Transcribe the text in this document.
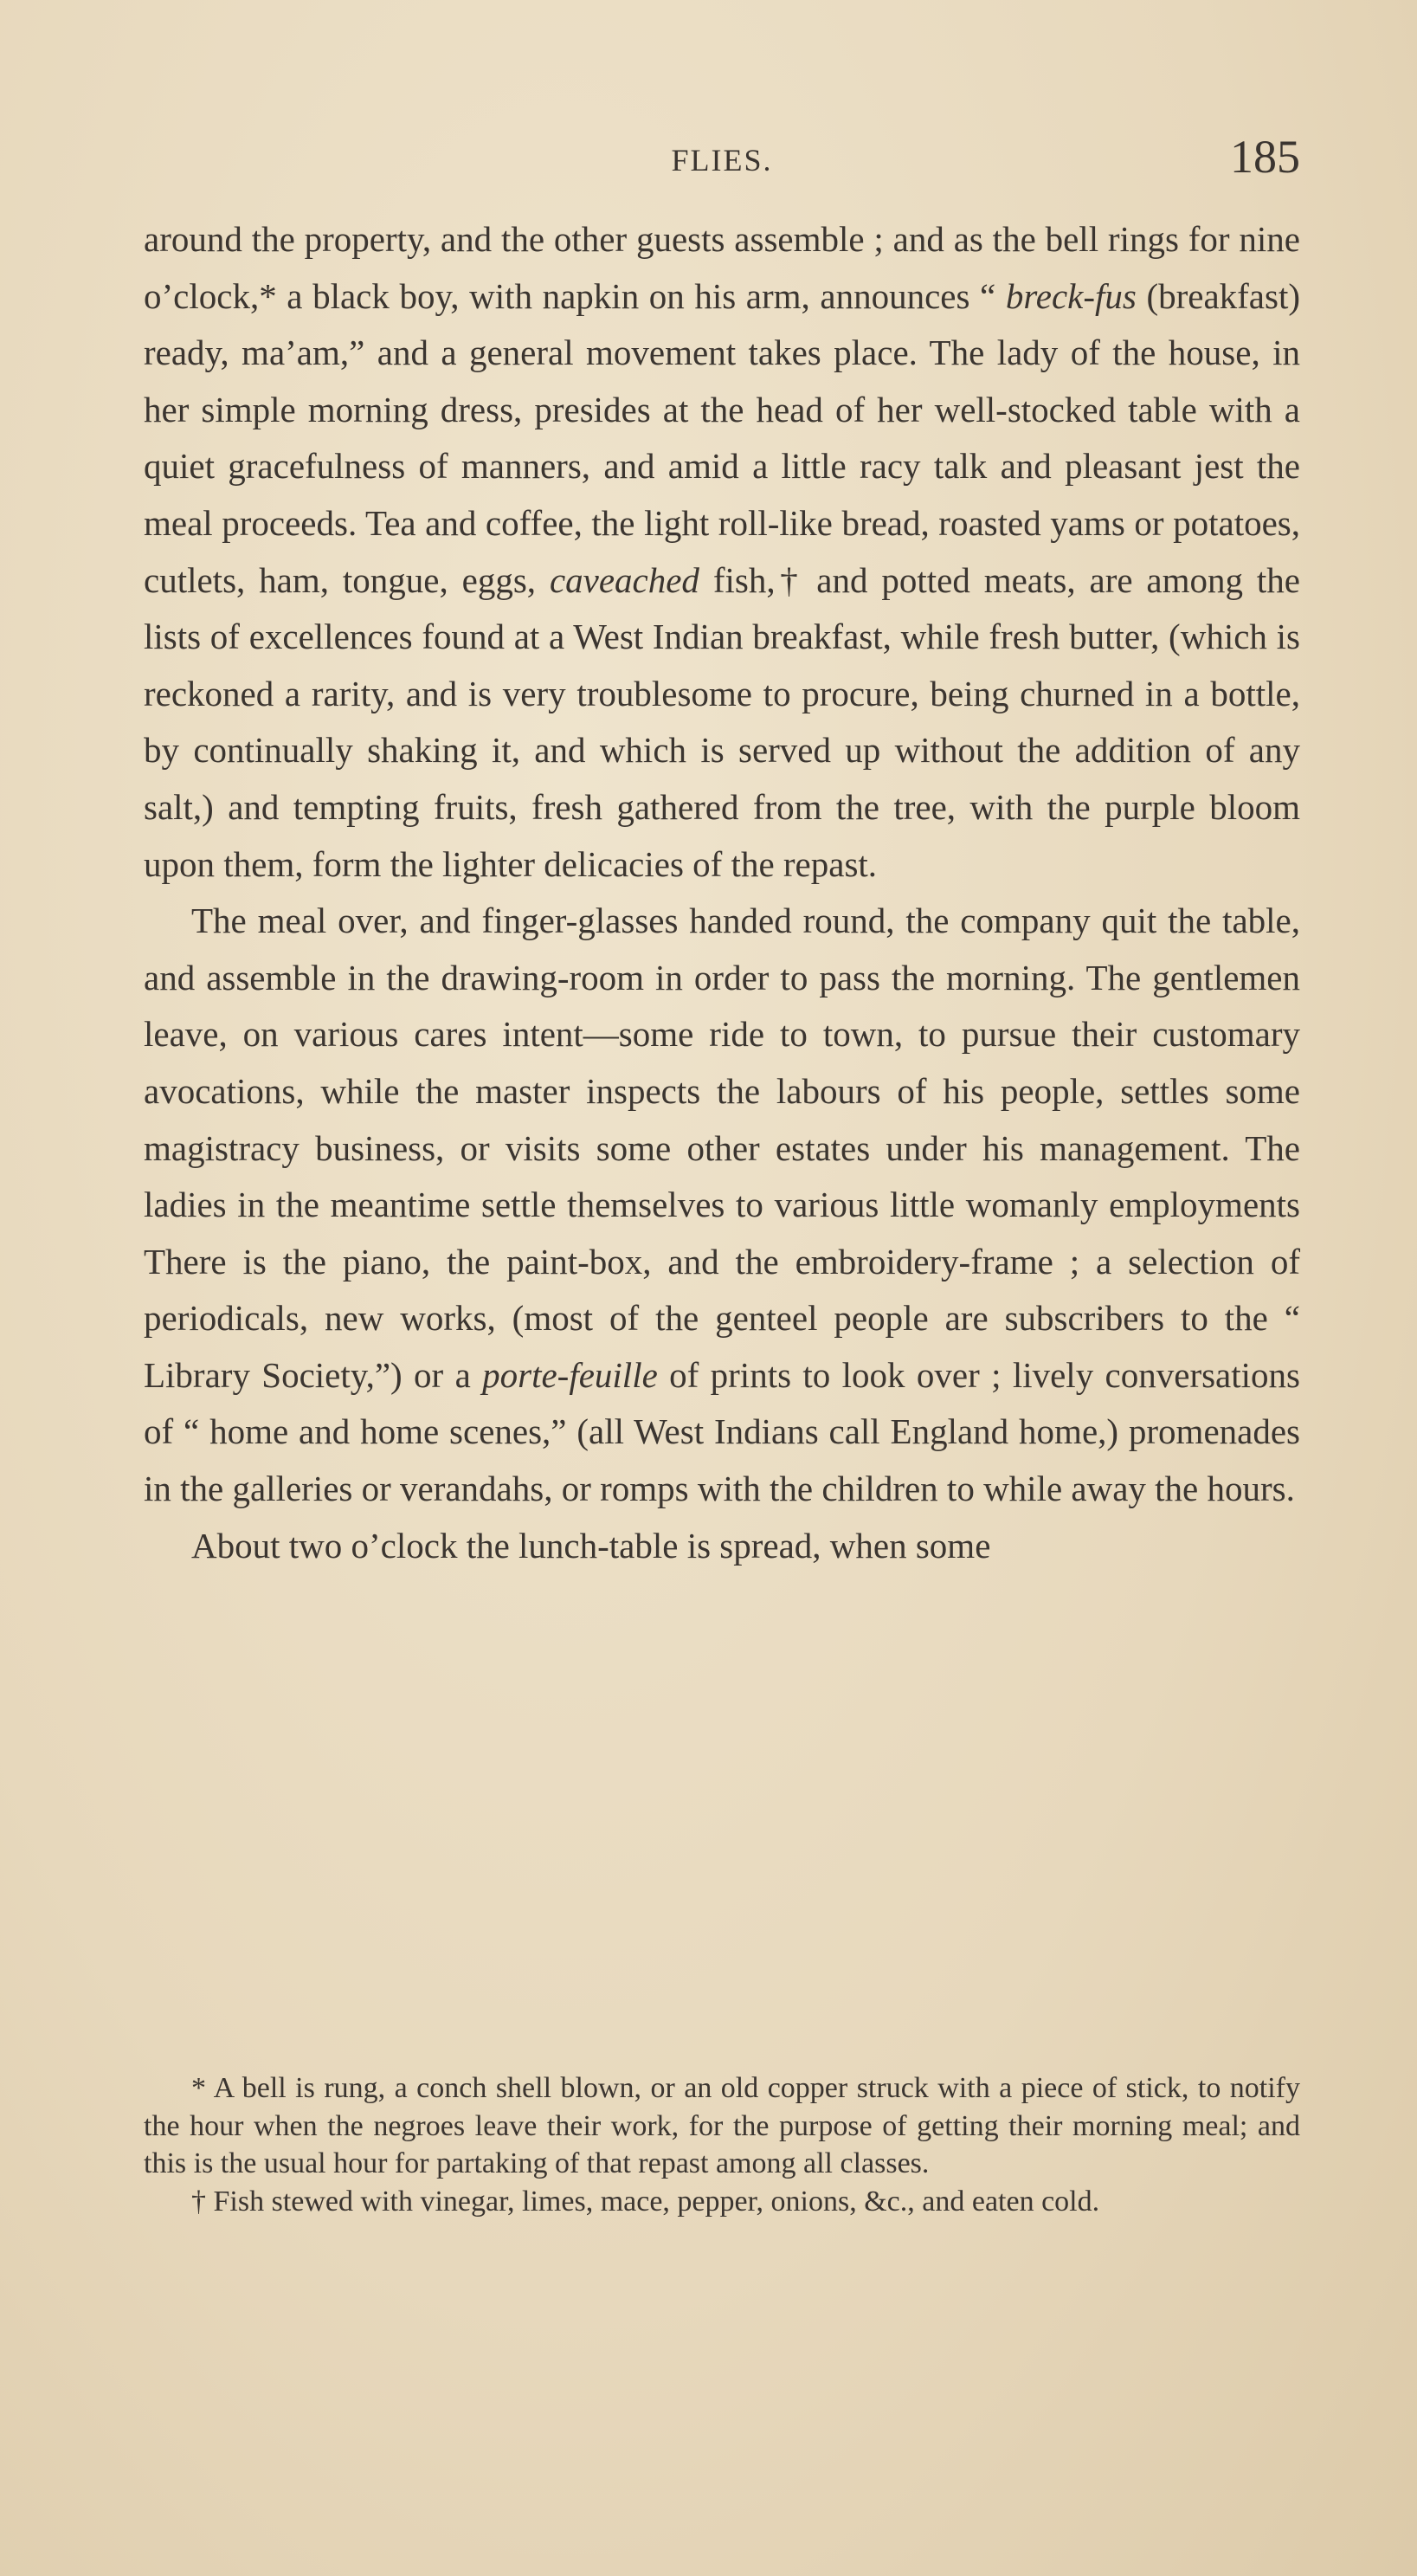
FLIES.	185

around the property, and the other guests assemble ; and as the bell rings for nine o’clock,* a black boy, with napkin on his arm, announces “ breck-fus (breakfast) ready, ma’am,” and a general movement takes place. The lady of the house, in her simple morning dress, presides at the head of her well-stocked table with a quiet gracefulness of manners, and amid a little racy talk and pleasant jest the meal proceeds. Tea and coffee, the light roll-like bread, roasted yams or potatoes, cutlets, ham, tongue, eggs, caveached fish,† and potted meats, are among the lists of excellences found at a West Indian breakfast, while fresh butter, (which is reckoned a rarity, and is very troublesome to procure, being churned in a bottle, by continually shaking it, and which is served up without the addition of any salt,) and tempting fruits, fresh gathered from the tree, with the purple bloom upon them, form the lighter delicacies of the repast.

The meal over, and finger-glasses handed round, the company quit the table, and assemble in the drawing-room in order to pass the morning. The gentlemen leave, on various cares intent—some ride to town, to pursue their customary avocations, while the master inspects the labours of his people, settles some magistracy business, or visits some other estates under his management. The ladies in the meantime settle themselves to various little womanly employments There is the piano, the paint-box, and the embroidery-frame ; a selection of periodicals, new works, (most of the genteel people are subscribers to the “ Library Society,”) or a porte-feuille of prints to look over ; lively conversations of “ home and home scenes,” (all West Indians call England home,) promenades in the galleries or verandahs, or romps with the children to while away the hours.

About two o’clock the lunch-table is spread, when some

* A bell is rung, a conch shell blown, or an old copper struck with a piece of stick, to notify the hour when the negroes leave their work, for the purpose of getting their morning meal; and this is the usual hour for partaking of that repast among all classes.

† Fish stewed with vinegar, limes, mace, pepper, onions, &c., and eaten cold.
